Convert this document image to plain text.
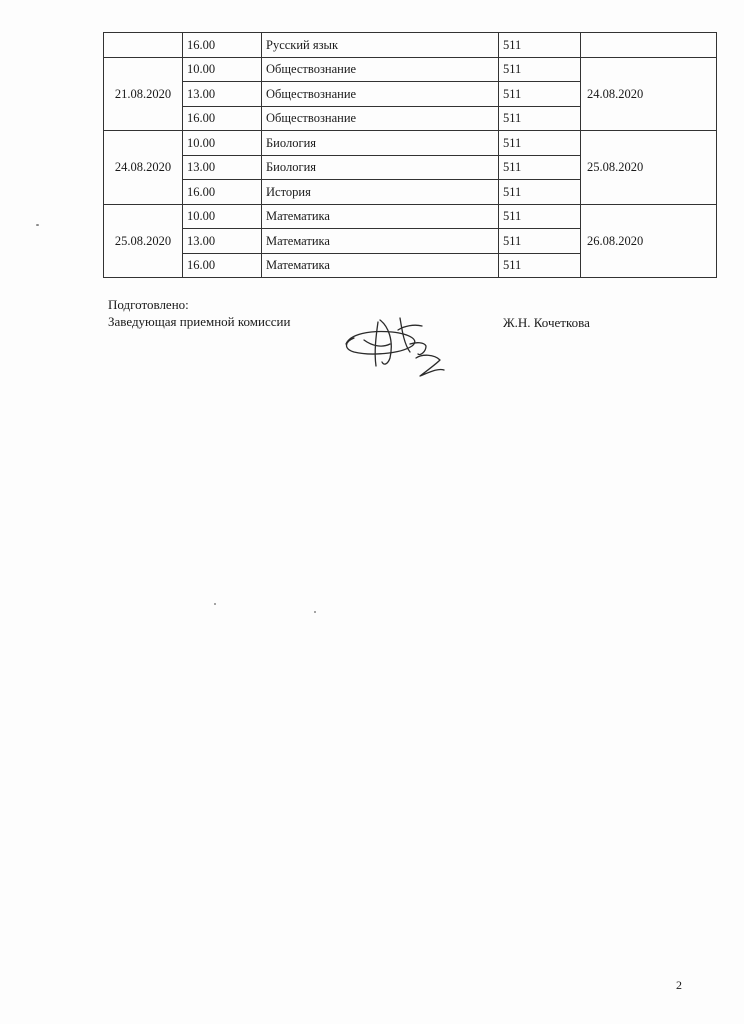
	16.00	Русский язык	511	
21.08.2020	10.00	Обществознание	511	24.08.2020
	13.00	Обществознание	511	
	16.00	Обществознание	511	
24.08.2020	10.00	Биология	511	25.08.2020
	13.00	Биология	511	
	16.00	История	511	
25.08.2020	10.00	Математика	511	26.08.2020
	13.00	Математика	511	
	16.00	Математика	511	
Подготовлено:
Заведующая приемной комиссии	Ж.Н. Кочеткова
2
